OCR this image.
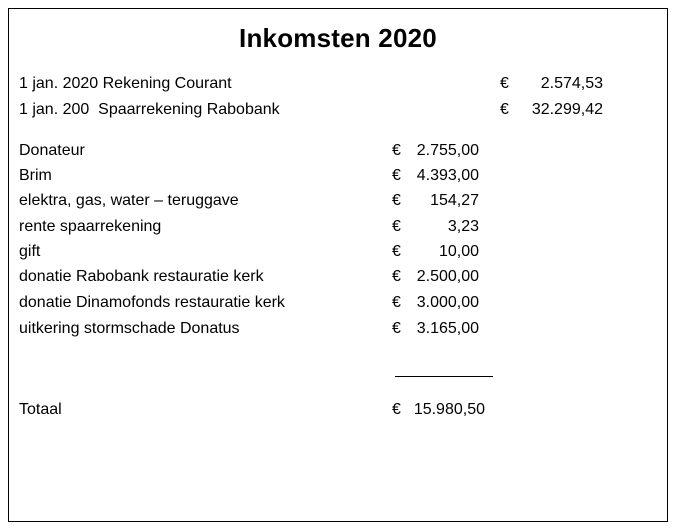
Inkomsten 2020
1 jan. 2020 Rekening Courant	€	2.574,53
1 jan. 200  Spaarrekening Rabobank	€	32.299,42
Donateur	€ 2.755,00
Brim	€ 4.393,00
elektra, gas, water – teruggave	€	154,27
rente spaarrekening	€	3,23
gift	€	10,00
donatie Rabobank restauratie kerk	€ 2.500,00
donatie Dinamofonds restauratie kerk	€ 3.000,00
uitkering stormschade Donatus	€ 3.165,00
Totaal	€ 15.980,50
